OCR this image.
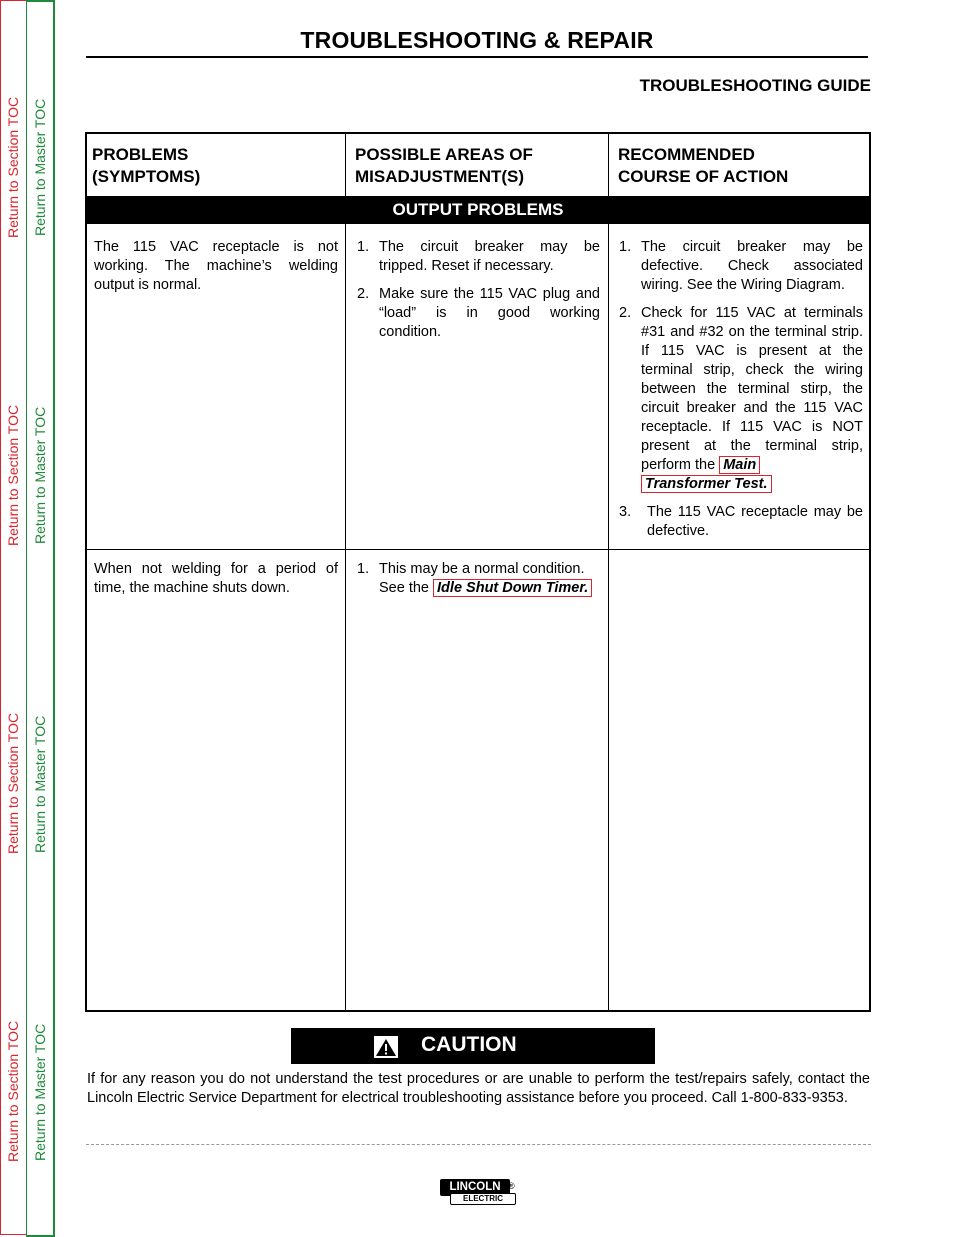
Return to Section TOC
Return to Section TOC
Return to Section TOC
Return to Section TOC
Return to Master TOC
Return to Master TOC
Return to Master TOC
Return to Master TOC
TROUBLESHOOTING & REPAIR
TROUBLESHOOTING GUIDE
PROBLEMS
(SYMPTOMS)
POSSIBLE AREAS OF
MISADJUSTMENT(S)
RECOMMENDED
COURSE OF ACTION
OUTPUT PROBLEMS
The 115 VAC receptacle is not working. The machine’s welding output is normal.
1. The circuit breaker may be tripped. Reset if necessary.
2. Make sure the 115 VAC plug and “load” is in good working condition.
1. The circuit breaker may be defective. Check associated wiring. See the Wiring Diagram.
2. Check for 115 VAC at terminals #31 and #32 on the terminal strip. If 115 VAC is present at the terminal strip, check the wiring between the terminal stirp, the circuit breaker and the 115 VAC receptacle. If 115 VAC is NOT present at the terminal strip, perform the Main
Transformer Test.
3. The 115 VAC receptacle may be defective.
When not welding for a period of time, the machine shuts down.
1. This may be a normal condition. See the Idle Shut Down Timer.
CAUTION
If for any reason you do not understand the test procedures or are unable to perform the test/repairs safely, contact the Lincoln Electric Service Department for electrical troubleshooting assistance before you proceed. Call 1-800-833-9353.
LINCOLN ®
ELECTRIC
